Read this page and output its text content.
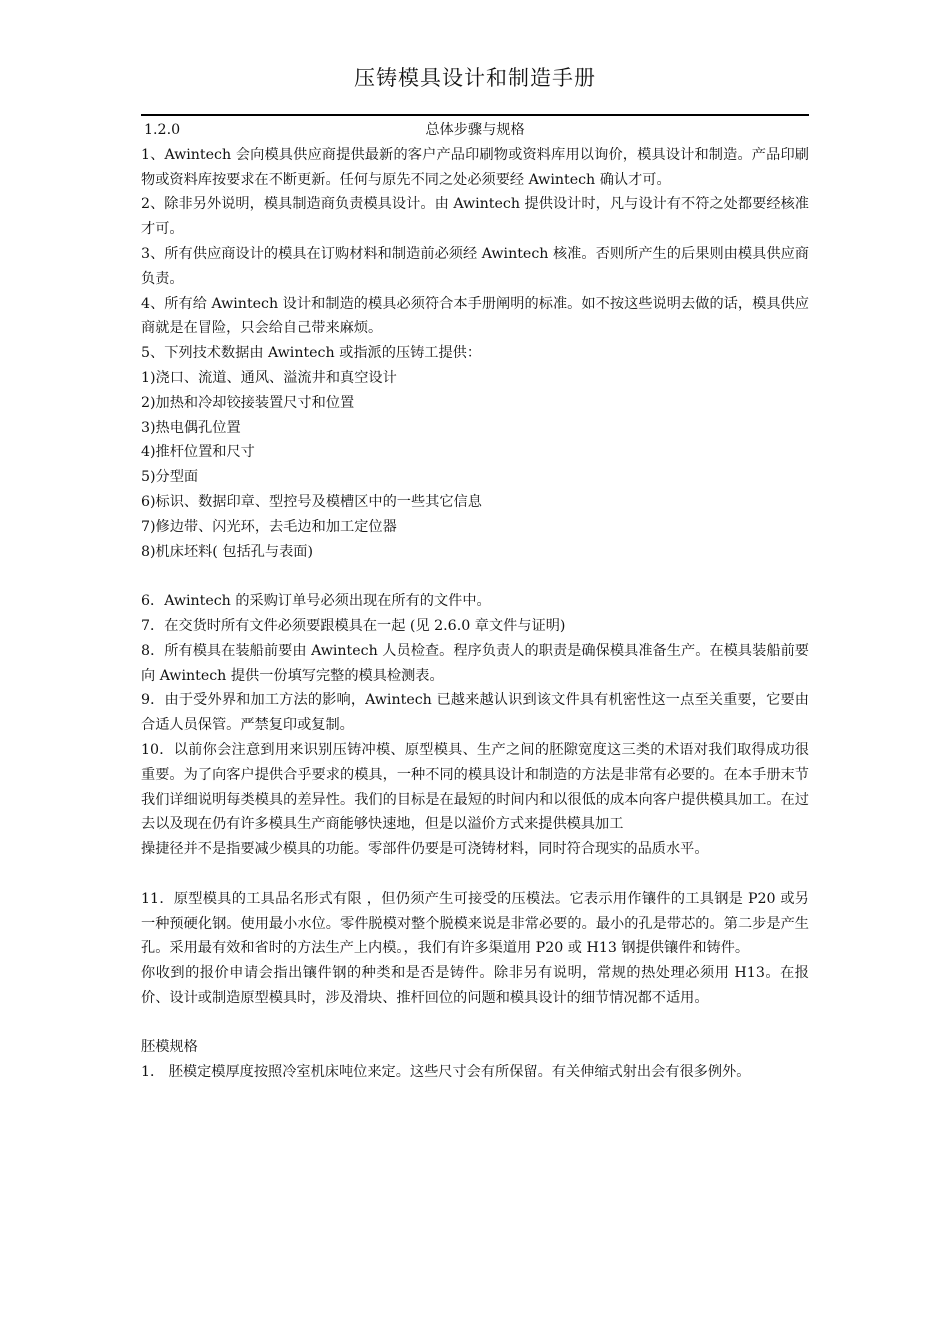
压铸模具设计和制造手册
1.2.0	总体步骤与规格

1、Awintech 会向模具供应商提供最新的客户产品印刷物或资料库用以询价，模具设计和制造。产品印刷物或资料库按要求在不断更新。任何与原先不同之处必须要经 Awintech 确认才可。

2、除非另外说明，模具制造商负责模具设计。由 Awintech 提供设计时，凡与设计有不符之处都要经核准才可。

3、所有供应商设计的模具在订购材料和制造前必须经 Awintech 核准。否则所产生的后果则由模具供应商负责。

4、所有给 Awintech 设计和制造的模具必须符合本手册阐明的标准。如不按这些说明去做的话，模具供应商就是在冒险，只会给自己带来麻烦。

5、下列技术数据由 Awintech 或指派的压铸工提供：

1)浇口、流道、通风、溢流井和真空设计

2)加热和冷却铰接装置尺寸和位置

3)热电偶孔位置

4)推杆位置和尺寸

5)分型面

6)标识、数据印章、型控号及模槽区中的一些其它信息

7)修边带、闪光环，去毛边和加工定位器

8)机床坯料( 包括孔与表面)

6．Awintech 的采购订单号必须出现在所有的文件中。

7．在交货时所有文件必须要跟模具在一起 (见 2.6.0 章文件与证明)

8．所有模具在装船前要由 Awintech 人员检查。程序负责人的职责是确保模具准备生产。在模具装船前要向 Awintech 提供一份填写完整的模具检测表。

9．由于受外界和加工方法的影响，Awintech 已越来越认识到该文件具有机密性这一点至关重要，它要由合适人员保管。严禁复印或复制。

10．以前你会注意到用来识别压铸冲模、原型模具、生产之间的胚隙宽度这三类的术语对我们取得成功很重要。为了向客户提供合乎要求的模具，一种不同的模具设计和制造的方法是非常有必要的。在本手册末节我们详细说明每类模具的差异性。我们的目标是在最短的时间内和以很低的成本向客户提供模具加工。在过去以及现在仍有许多模具生产商能够快速地，但是以溢价方式来提供模具加工

操捷径并不是指要减少模具的功能。零部件仍要是可浇铸材料，同时符合现实的品质水平。

11．原型模具的工具品名形式有限 ，但仍须产生可接受的压模法。它表示用作镶件的工具钢是 P20 或另一种预硬化钢。使用最小水位。零件脱模对整个脱模来说是非常必要的。最小的孔是带芯的。第二步是产生孔。采用最有效和省时的方法生产上内模。，我们有许多渠道用 P20 或 H13 钢提供镶件和铸件。

你收到的报价申请会指出镶件钢的种类和是否是铸件。除非另有说明，常规的热处理必须用 H13。在报价、设计或制造原型模具时，涉及滑块、推杆回位的问题和模具设计的细节情况都不适用。

胚模规格

1． 胚模定模厚度按照冷室机床吨位来定。这些尺寸会有所保留。有关伸缩式射出会有很多例外。
